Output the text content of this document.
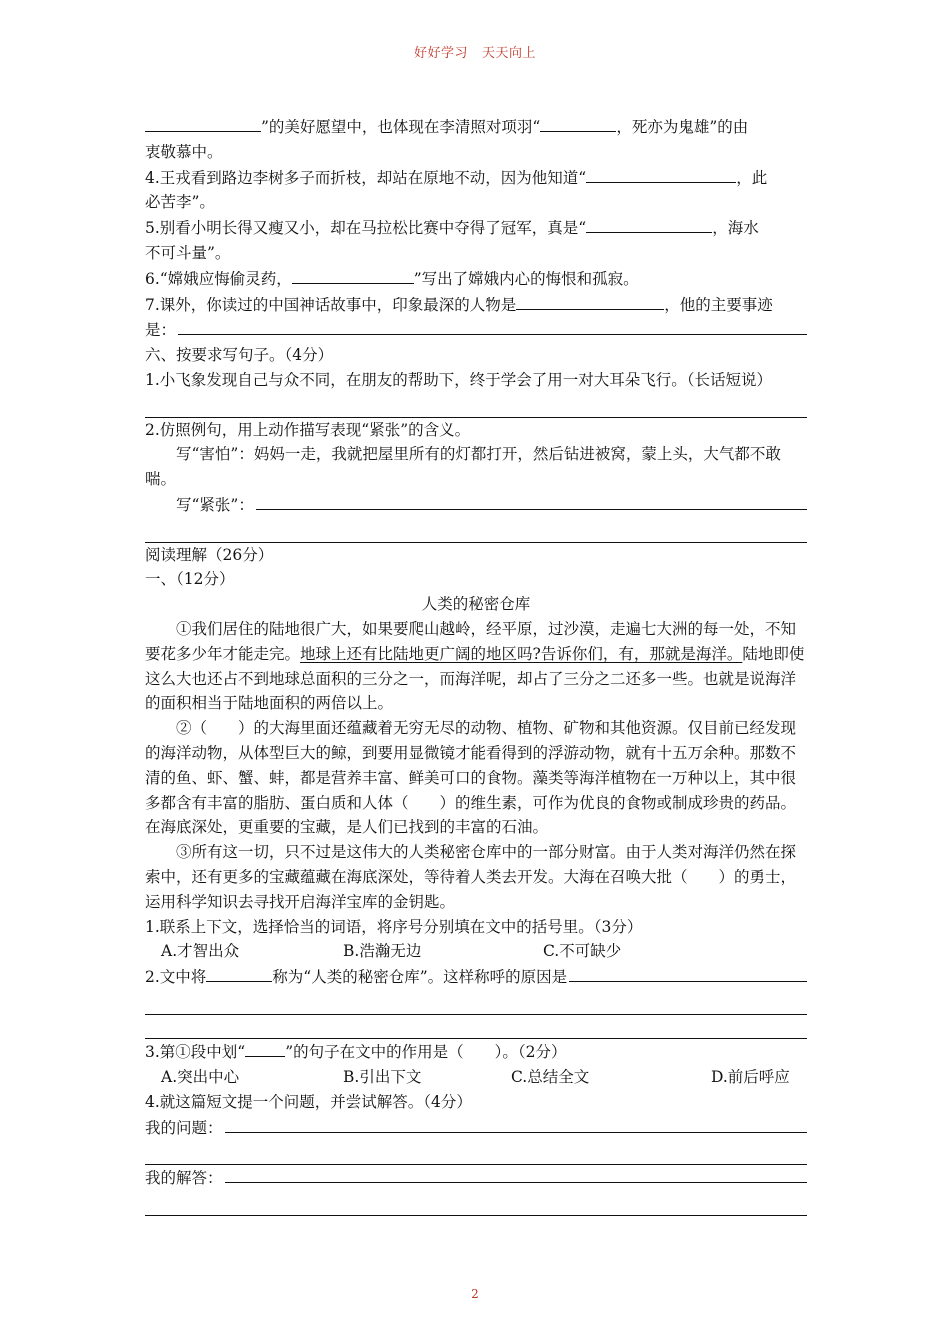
好好学习 天天向上

”的美好愿望中，也体现在李清照对项羽“	，死亦为鬼雄”的由

衷敬慕中。

4.王戎看到路边李树多子而折枝，却站在原地不动，因为他知道“	，此

必苦李”。

5.别看小明长得又瘦又小，却在马拉松比赛中夺得了冠军，真是“	，海水

不可斗量”。

6.“嫦娥应悔偷灵药，	”写出了嫦娥内心的悔恨和孤寂。

7.课外，你读过的中国神话故事中，印象最深的人物是	，他的主要事迹

是：

六、按要求写句子。（4分）

1.小飞象发现自己与众不同，在朋友的帮助下，终于学会了用一对大耳朵飞行。（长话短说）

2.仿照例句，用上动作描写表现“紧张”的含义。

写“害怕”：妈妈一走，我就把屋里所有的灯都打开，然后钻进被窝，蒙上头，大气都不敢喘。

写“紧张”：

阅读理解（26分）

一、（12分）

人类的秘密仓库

①我们居住的陆地很广大，如果要爬山越岭，经平原，过沙漠，走遍七大洲的每一处，不知要花多少年才能走完。地球上还有比陆地更广阔的地区吗?告诉你们，有，那就是海洋。陆地即使这么大也还占不到地球总面积的三分之一，而海洋呢，却占了三分之二还多一些。也就是说海洋的面积相当于陆地面积的两倍以上。

②（　　）的大海里面还蕴藏着无穷无尽的动物、植物、矿物和其他资源。仅目前已经发现的海洋动物，从体型巨大的鲸，到要用显微镜才能看得到的浮游动物，就有十五万余种。那数不清的鱼、虾、蟹、蚌，都是营养丰富、鲜美可口的食物。藻类等海洋植物在一万种以上，其中很多都含有丰富的脂肪、蛋白质和人体（　　）的维生素，可作为优良的食物或制成珍贵的药品。在海底深处，更重要的宝藏，是人们已找到的丰富的石油。

③所有这一切，只不过是这伟大的人类秘密仓库中的一部分财富。由于人类对海洋仍然在探索中，还有更多的宝藏蕴藏在海底深处，等待着人类去开发。大海在召唤大批（　　）的勇士，运用科学知识去寻找开启海洋宝库的金钥匙。

1.联系上下文，选择恰当的词语，将序号分别填在文中的括号里。（3分）

A.才智出众	B.浩瀚无边	C.不可缺少

2.文中将	称为“人类的秘密仓库”。这样称呼的原因是

3.第①段中划“	”的句子在文中的作用是（　　）。（2分）

A.突出中心	B.引出下文	C.总结全文	D.前后呼应

4.就这篇短文提一个问题，并尝试解答。（4分）

我的问题：

我的解答：

2
